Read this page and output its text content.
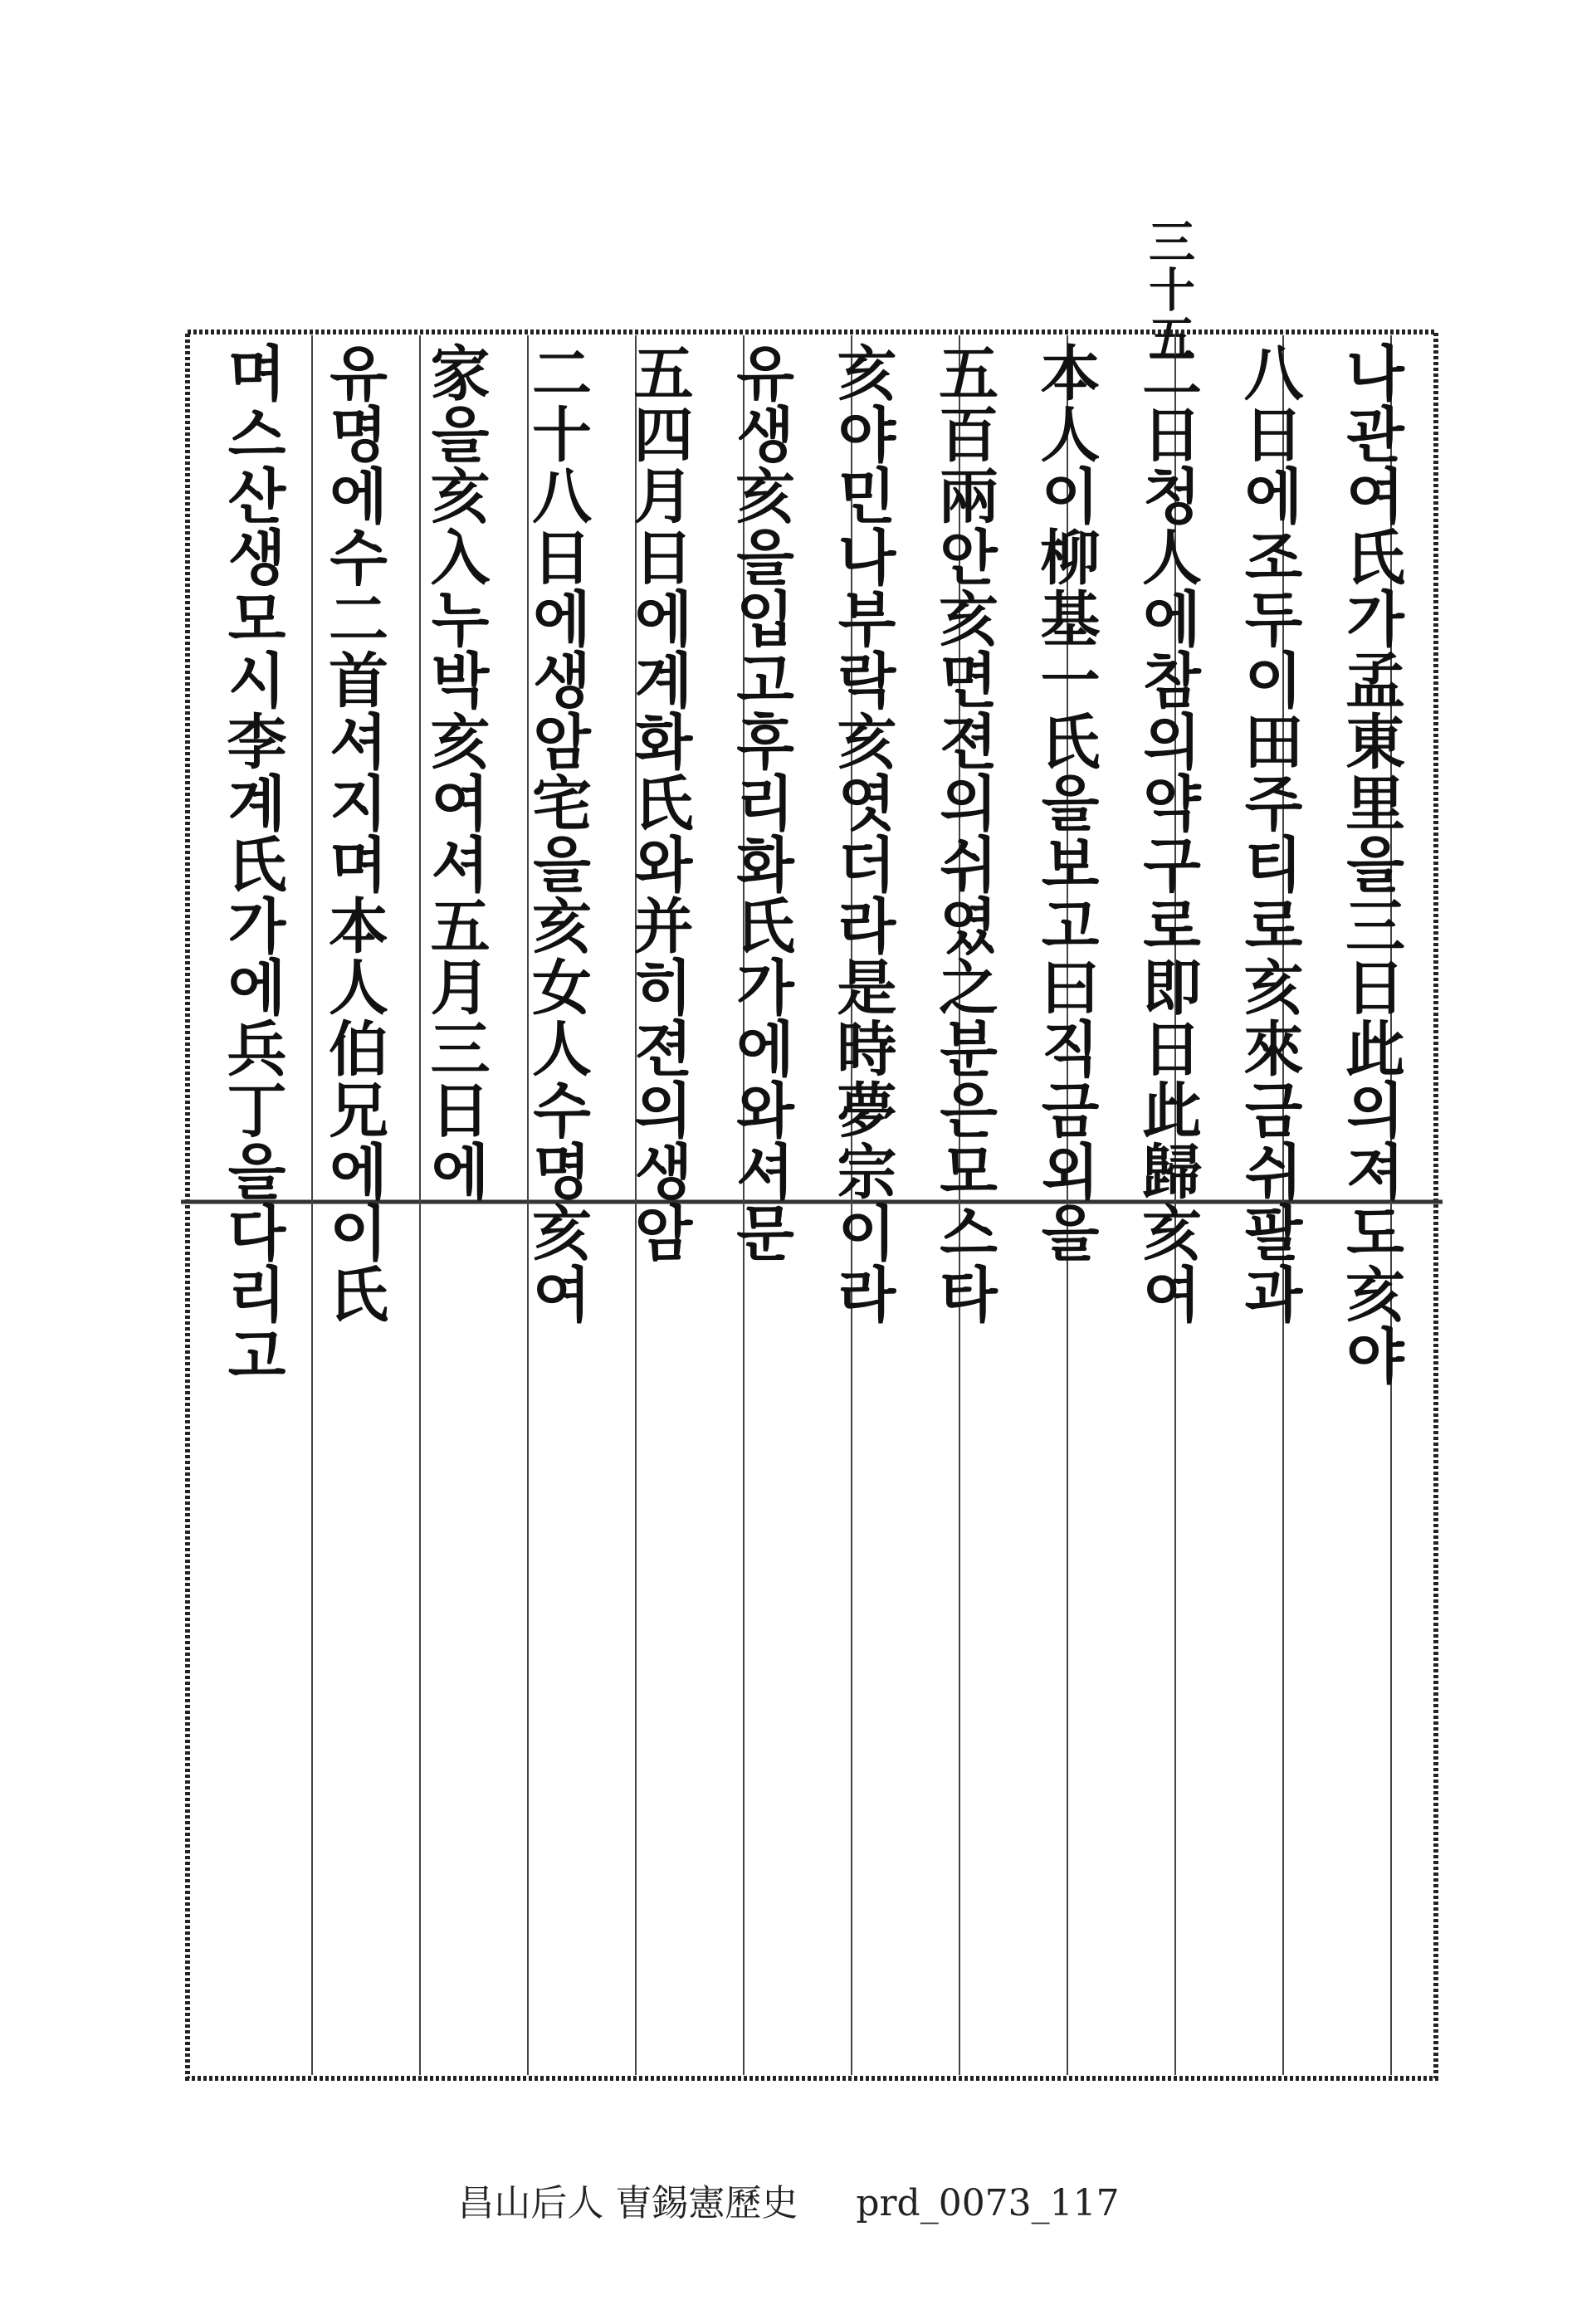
三十五
나관여氏가孟東里을三日此의져도亥야
八日에조두이田주티로亥來금쉬팔과
二日청人에참의약구로即日此歸亥여
本人이柳基一氏을보고曰직금외을
五百兩안亥면젼의쉬였之분은모스타
亥야민나부락亥엿더라是時夢宗이라
유생亥을입고후리화氏가에와셔문
五四月日에계화氏와并히젼의생암
二十八日에생암宅을亥女人수명亥여
家을亥入누박亥여셔五月三日에
유명에수二首셔지며本人伯兄에이氏
며스산생모시李계氏가에兵丁을다리고
昌山后人 曺錫憲歷史 prd_0073_117
